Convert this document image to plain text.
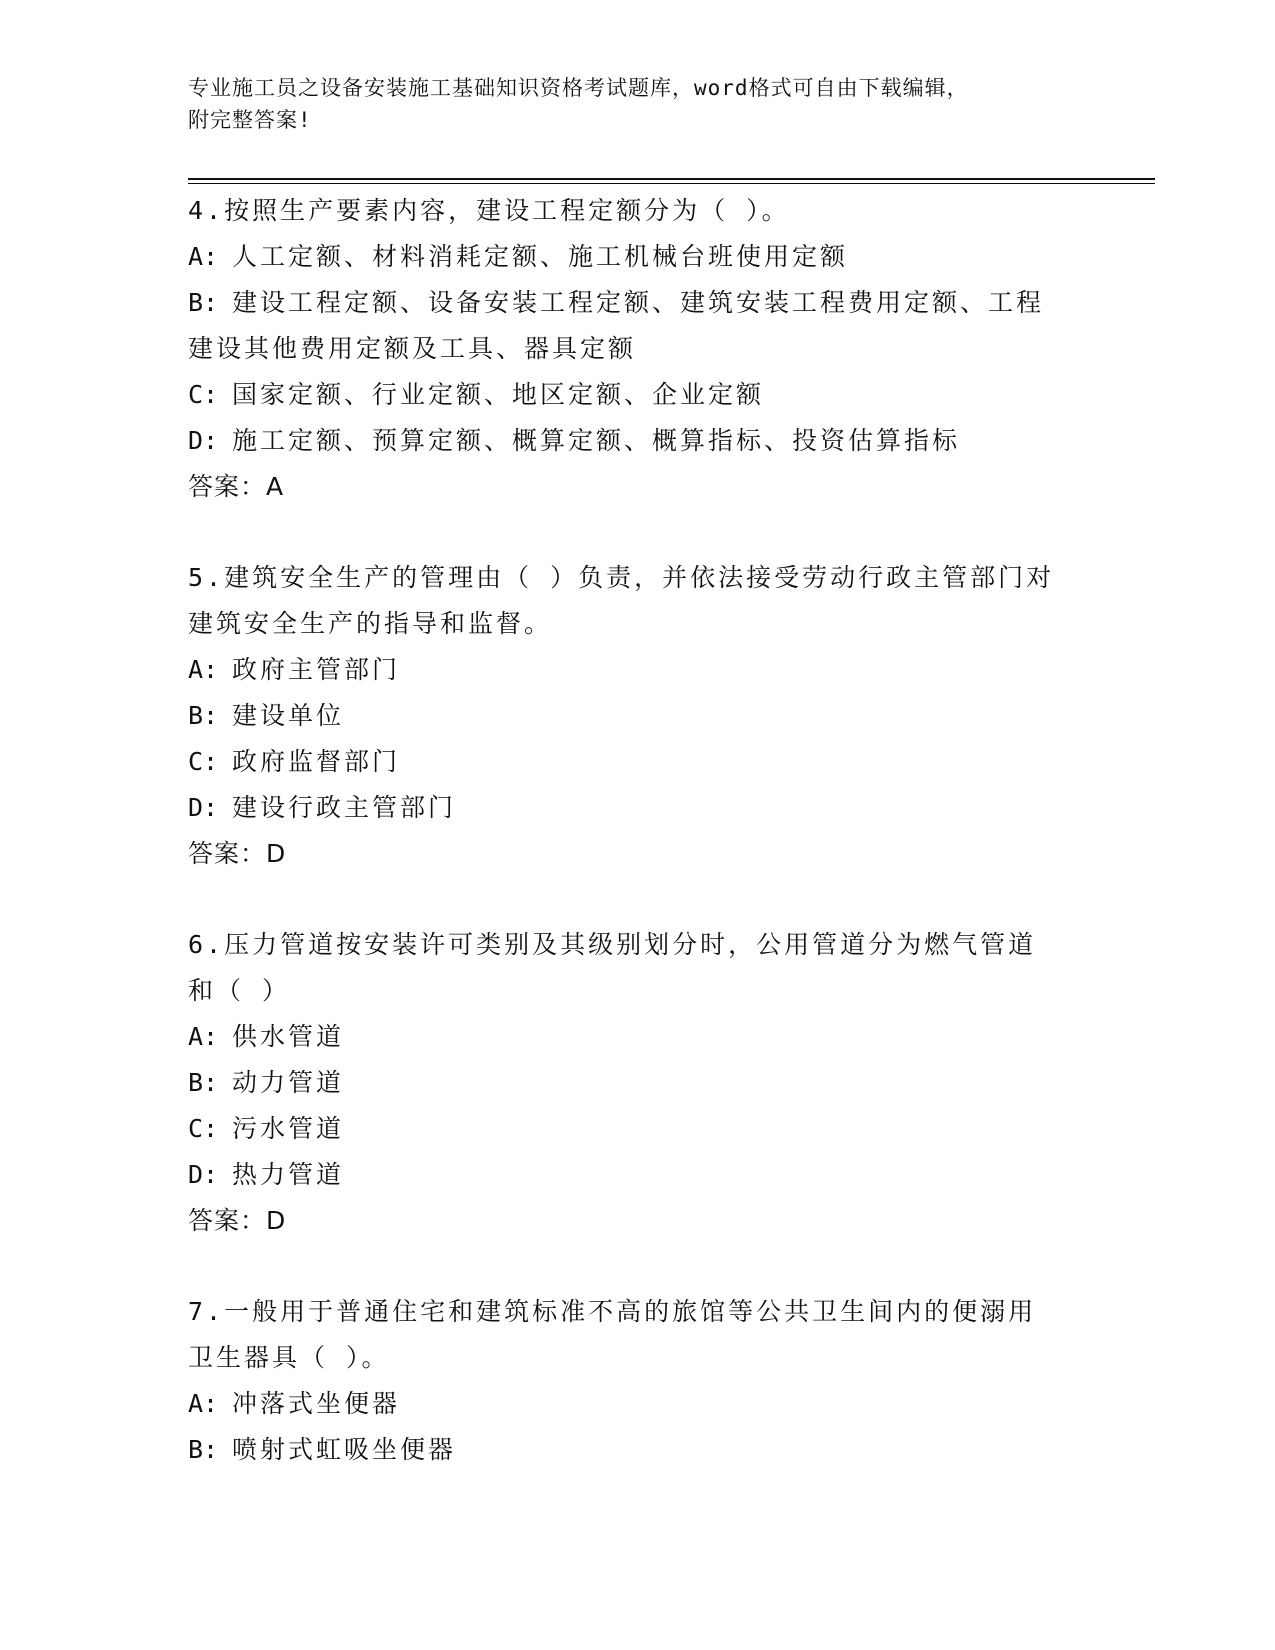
专业施工员之设备安装施工基础知识资格考试题库，word格式可自由下载编辑，
附完整答案!
4.按照生产要素内容，建设工程定额分为（ ）。
A: 人工定额、材料消耗定额、施工机械台班使用定额
B: 建设工程定额、设备安装工程定额、建筑安装工程费用定额、工程
建设其他费用定额及工具、器具定额
C: 国家定额、行业定额、地区定额、企业定额
D: 施工定额、预算定额、概算定额、概算指标、投资估算指标
答案：A
5.建筑安全生产的管理由（ ）负责，并依法接受劳动行政主管部门对
建筑安全生产的指导和监督。
A: 政府主管部门
B: 建设单位
C: 政府监督部门
D: 建设行政主管部门
答案：D
6.压力管道按安装许可类别及其级别划分时，公用管道分为燃气管道
和（ ）
A: 供水管道
B: 动力管道
C: 污水管道
D: 热力管道
答案：D
7.一般用于普通住宅和建筑标准不高的旅馆等公共卫生间内的便溺用
卫生器具（ ）。
A: 冲落式坐便器
B: 喷射式虹吸坐便器
